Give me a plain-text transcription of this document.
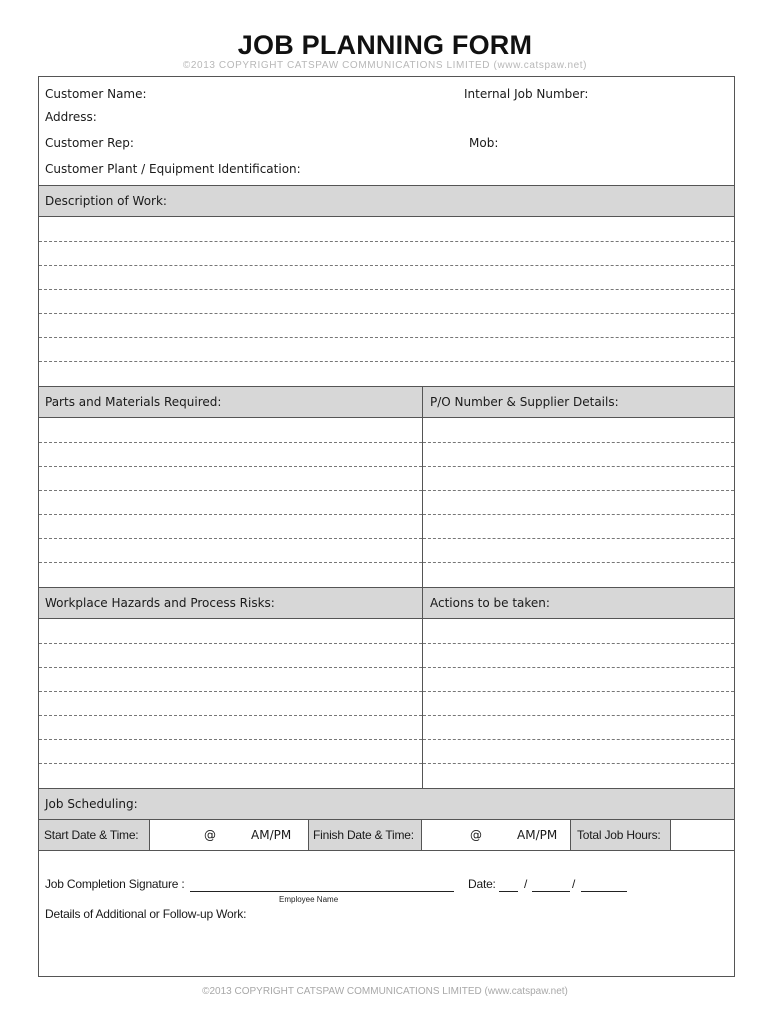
JOB PLANNING FORM
©2013 COPYRIGHT CATSPAW COMMUNICATIONS LIMITED (www.catspaw.net)
Customer Name:	Internal Job Number:
Address:
Customer Rep:	Mob:
Customer Plant / Equipment Identification:
Description of Work:
Parts and Materials Required:	P/O Number & Supplier Details:
Workplace Hazards and Process Risks:	Actions to be taken:
Job Scheduling:
Start Date & Time:	@	AM/PM Finish Date & Time:	@	AM/PM Total Job Hours:
Job Completion Signature :
Employee Name
Date: /	/
Details of Additional or Follow-up Work:
©2013 COPYRIGHT CATSPAW COMMUNICATIONS LIMITED (www.catspaw.net)
